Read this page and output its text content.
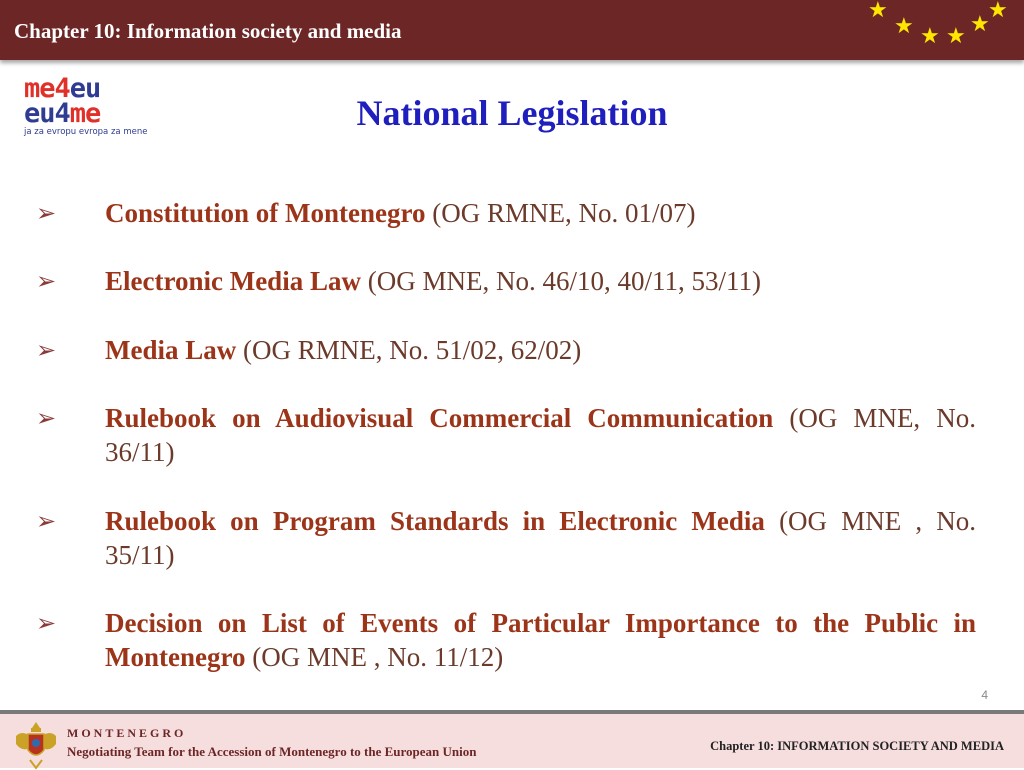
Chapter 10: Information society and media
★
★ ★ ★ ★
★
me4eu
eu4me
ja za evropu evropa za mene	National Legislation
➢ Constitution of Montenegro (OG RMNE, No. 01/07)
➢ Electronic Media Law (OG MNE, No. 46/10, 40/11, 53/11)
➢ Media Law (OG RMNE, No. 51/02, 62/02)
➢ Rulebook on Audiovisual Commercial Communication (OG MNE, No. 36/11)
➢ Rulebook on Program Standards in Electronic Media (OG MNE , No. 35/11)
➢ Decision on List of Events of Particular Importance to the Public in Montenegro (OG MNE , No. 11/12)
4
MONTENEGRO
Negotiating Team for the Accession of Montenegro to the European Union	Chapter 10: INFORMATION SOCIETY AND MEDIA
